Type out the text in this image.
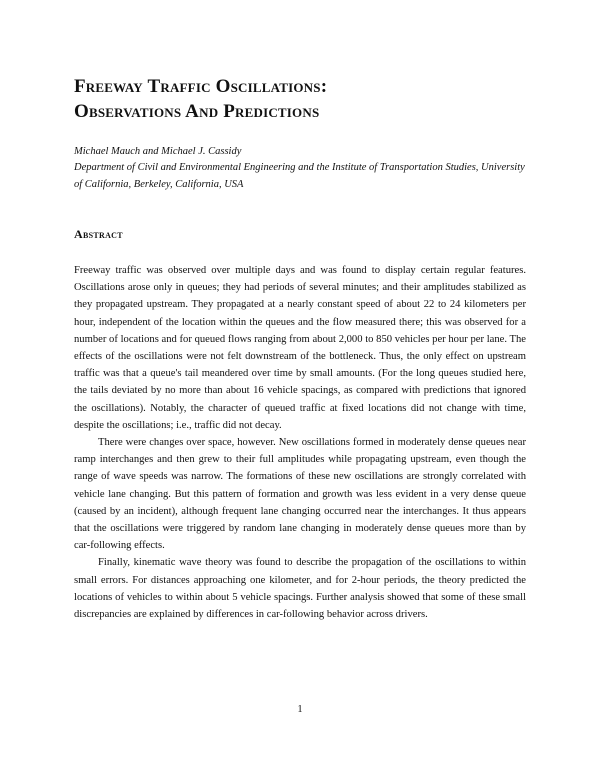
Freeway Traffic Oscillations:
Observations And Predictions
Michael Mauch and Michael J. Cassidy
Department of Civil and Environmental Engineering and the Institute of Transportation Studies, University of California, Berkeley, California, USA
Abstract

Freeway traffic was observed over multiple days and was found to display certain regular features. Oscillations arose only in queues; they had periods of several minutes; and their amplitudes stabilized as they propagated upstream. They propagated at a nearly constant speed of about 22 to 24 kilometers per hour, independent of the location within the queues and the flow measured there; this was observed for a number of locations and for queued flows ranging from about 2,000 to 850 vehicles per hour per lane. The effects of the oscillations were not felt downstream of the bottleneck. Thus, the only effect on upstream traffic was that a queue's tail meandered over time by small amounts. (For the long queues studied here, the tails deviated by no more than about 16 vehicle spacings, as compared with predictions that ignored the oscillations). Notably, the character of queued traffic at fixed locations did not change with time, despite the oscillations; i.e., traffic did not decay.

There were changes over space, however. New oscillations formed in moderately dense queues near ramp interchanges and then grew to their full amplitudes while propagating upstream, even though the range of wave speeds was narrow. The formations of these new oscillations are strongly correlated with vehicle lane changing. But this pattern of formation and growth was less evident in a very dense queue (caused by an incident), although frequent lane changing occurred near the interchanges. It thus appears that the oscillations were triggered by random lane changing in moderately dense queues more than by car-following effects.

Finally, kinematic wave theory was found to describe the propagation of the oscillations to within small errors. For distances approaching one kilometer, and for 2-hour periods, the theory predicted the locations of vehicles to within about 5 vehicle spacings. Further analysis showed that some of these small discrepancies are explained by differences in car-following behavior across drivers.

1
